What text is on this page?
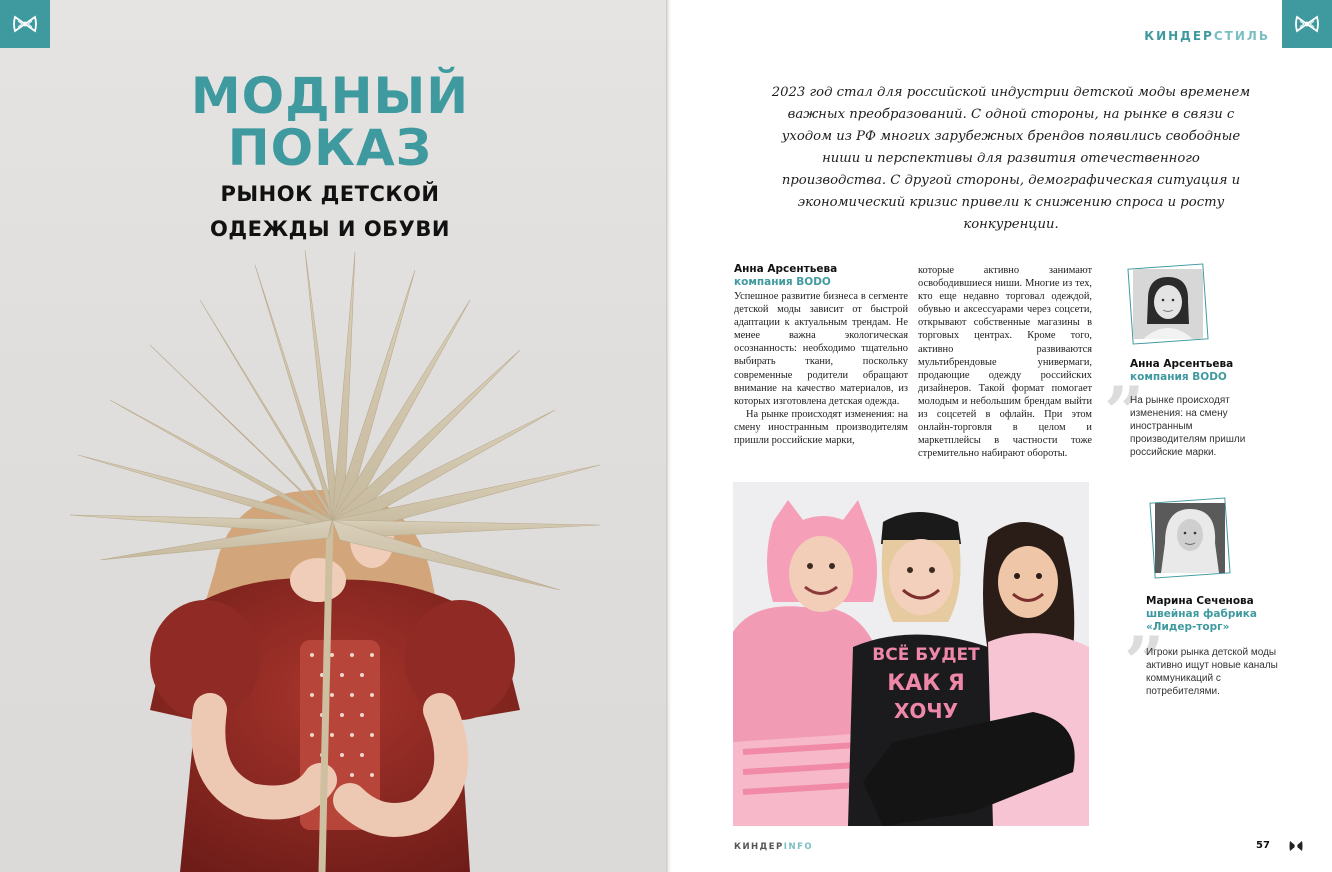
МОДНЫЙ
ПОКАЗ
РЫНОК ДЕТСКОЙ
ОДЕЖДЫ И ОБУВИ
КИНДЕРСТИЛЬ

2023 год стал для российской индустрии детской моды временем важных преобразований. С одной стороны, на рынке в связи с уходом из РФ многих зарубежных брендов появились свободные ниши и перспективы для развития отечественного производства. С другой стороны, демографическая ситуация и экономический кризис привели к снижению спроса и росту конкуренции.

Анна Арсентьева
компания BODO

Успешное развитие бизнеса в сегменте детской моды зависит от быстрой адаптации к актуальным трендам. Не менее важна экологическая осознанность: необходимо тщательно выбирать ткани, поскольку современные родители обращают внимание на качество материалов, из которых изготовлена детская одежда.

На рынке происходят изменения: на смену иностранным производителям пришли российские марки,

которые активно занимают освободившиеся ниши. Многие из тех, кто еще недавно торговал одеждой, обувью и аксессуарами через соцсети, открывают собственные магазины в торговых центрах. Кроме того, активно развиваются мультибрендовые универмаги, продающие одежду российских дизайнеров. Такой формат помогает молодым и небольшим брендам выйти из соцсетей в офлайн. При этом онлайн-торговля в целом и маркетплейсы в частности тоже стремительно набирают обороты.

ВСЁ БУДЕТ
КАК Я
ХОЧУ
Анна Арсентьева
компания BODO
”
На рынке происходят изменения: на смену иностранным производителям пришли российские марки.
Марина Сеченова
швейная фабрика
«Лидер-торг»
”
Игроки рынка детской моды активно ищут новые каналы коммуникаций с потребителями.
КИНДЕРINFO	57
